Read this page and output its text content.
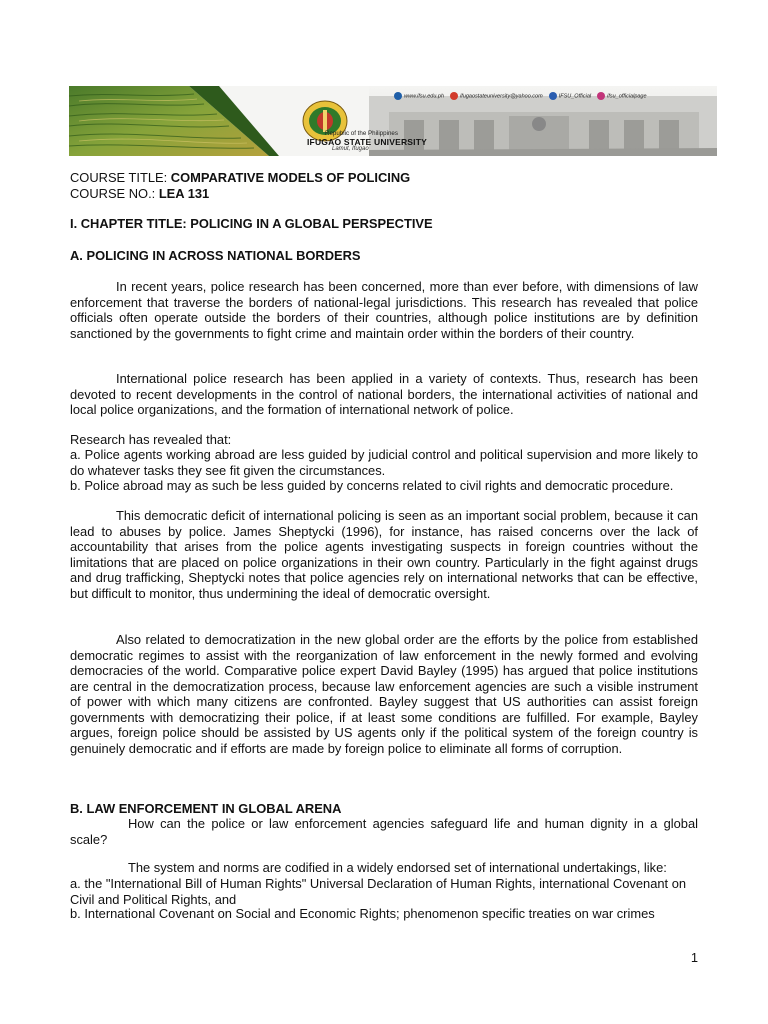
Republic of the Philippines
IFUGAO STATE UNIVERSITY
Lamut, Ifugao
www.ifsu.edu.ph	ifugaostateuniversity@yahoo.com	IFSU_Official	ifsu_officialpage
COURSE TITLE: COMPARATIVE MODELS OF POLICING
COURSE NO.: LEA 131
I. CHAPTER TITLE: POLICING IN A GLOBAL PERSPECTIVE
A. POLICING IN ACROSS NATIONAL BORDERS
In recent years, police research has been concerned, more than ever before, with dimensions of law enforcement that traverse the borders of national-legal jurisdictions. This research has revealed that police officials often operate outside the borders of their countries, although police institutions are by definition sanctioned by the governments to fight crime and maintain order within the borders of their country.
International police research has been applied in a variety of contexts. Thus, research has been devoted to recent developments in the control of national borders, the international activities of national and local police organizations, and the formation of international network of police.
Research has revealed that:
a. Police agents working abroad are less guided by judicial control and political supervision and more likely to do whatever tasks they see fit given the circumstances.
b. Police abroad may as such be less guided by concerns related to civil rights and democratic procedure.
This democratic deficit of international policing is seen as an important social problem, because it can lead to abuses by police. James Sheptycki (1996), for instance, has raised concerns over the lack of accountability that arises from the police agents investigating suspects in foreign countries without the limitations that are placed on police organizations in their own country. Particularly in the fight against drugs and drug trafficking, Sheptycki notes that police agencies rely on international networks that can be effective, but difficult to monitor, thus undermining the ideal of democratic oversight.
Also related to democratization in the new global order are the efforts by the police from established democratic regimes to assist with the reorganization of law enforcement in the newly formed and evolving democracies of the world. Comparative police expert David Bayley (1995) has argued that police institutions are central in the democratization process, because law enforcement agencies are such a visible instrument of power with which many citizens are confronted. Bayley suggest that US authorities can assist foreign governments with democratizing their police, if at least some conditions are fulfilled. For example, Bayley argues, foreign police should be assisted by US agents only if the political system of the foreign country is genuinely democratic and if efforts are made by foreign police to eliminate all forms of corruption.
B. LAW ENFORCEMENT IN GLOBAL ARENA
How can the police or law enforcement agencies safeguard life and human dignity in a global scale?
The system and norms are codified in a widely endorsed set of international undertakings, like:
a. the "International Bill of Human Rights" Universal Declaration of Human Rights, international Covenant on Civil and Political Rights, and
b. International Covenant on Social and Economic Rights; phenomenon specific treaties on war crimes
1
